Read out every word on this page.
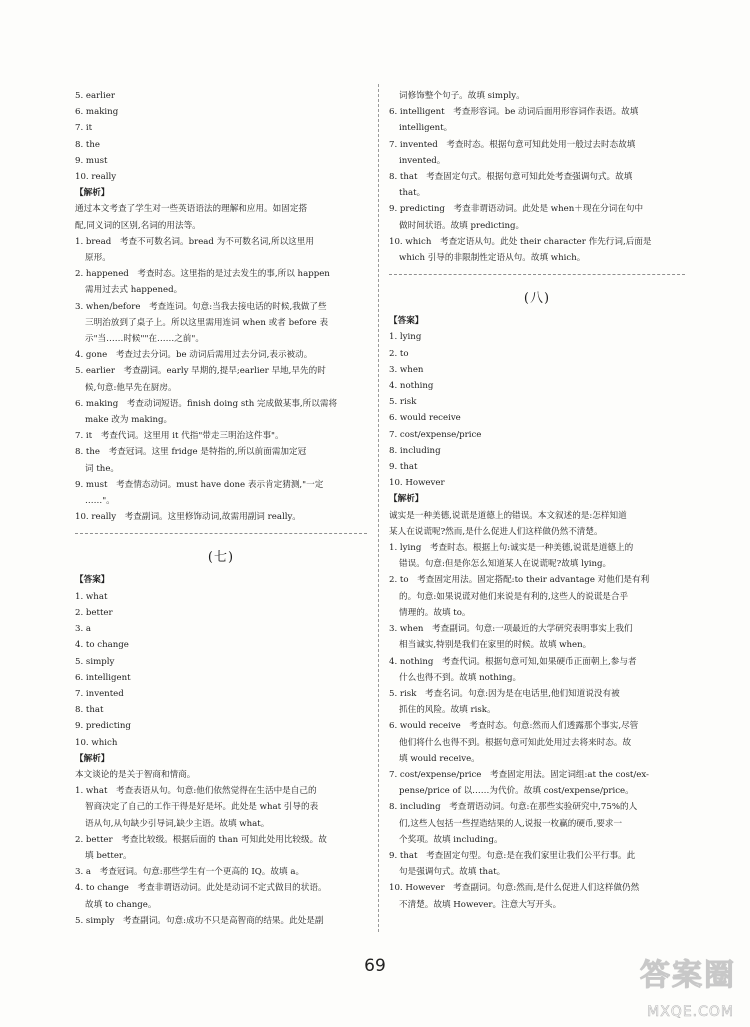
5. earlier
6. making
7. it
8. the
9. must
10. really
【解析】
通过本文考查了学生对一些英语语法的理解和应用。如固定搭
配,同义词的区别,名词的用法等。
1. bread　考查不可数名词。bread 为不可数名词,所以这里用
原形。
2. happened　考查时态。这里指的是过去发生的事,所以 happen
需用过去式 happened。
3. when/before　考查连词。句意:当我去接电话的时候,我做了些
三明治放到了桌子上。所以这里需用连词 when 或者 before 表
示"当……时候""在……之前"。
4. gone　考查过去分词。be 动词后需用过去分词,表示被动。
5. earlier　考查副词。early 早期的,提早;earlier 早地,早先的时
候,句意:他早先在厨房。
6. making　考查动词短语。finish doing sth 完成做某事,所以需将
make 改为 making。
7. it　考查代词。这里用 it 代指"带走三明治这件事"。
8. the　考查冠词。这里 fridge 是特指的,所以前面需加定冠
词 the。
9. must　考查情态动词。must have done 表示肯定猜测,"一定
……"。
10. really　考查副词。这里修饰动词,故需用副词 really。
(七)
【答案】
1. what
2. better
3. a
4. to change
5. simply
6. intelligent
7. invented
8. that
9. predicting
10. which
【解析】
本文谈论的是关于智商和情商。
1. what　考查表语从句。句意:他们依然觉得在生活中是自己的
智商决定了自己的工作干得是好是坏。此处是 what 引导的表
语从句,从句缺少引导词,缺少主语。故填 what。
2. better　考查比较级。根据后面的 than 可知此处用比较级。故
填 better。
3. a　考查冠词。句意:那些学生有一个更高的 IQ。故填 a。
4. to change　考查非谓语动词。此处是动词不定式做目的状语。
故填 to change。
5. simply　考查副词。句意:成功不只是高智商的结果。此处是副
词修饰整个句子。故填 simply。
6. intelligent　考查形容词。be 动词后面用形容词作表语。故填
intelligent。
7. invented　考查时态。根据句意可知此处用一般过去时态故填
invented。
8. that　考查固定句式。根据句意可知此处考查强调句式。故填
that。
9. predicting　考查非谓语动词。此处是 when＋现在分词在句中
做时间状语。故填 predicting。
10. which　考查定语从句。此处 their character 作先行词,后面是
which 引导的非限制性定语从句。故填 which。
(八)
【答案】
1. lying
2. to
3. when
4. nothing
5. risk
6. would receive
7. cost/expense/price
8. including
9. that
10. However
【解析】
诚实是一种美德,说谎是道德上的错误。本文叙述的是:怎样知道
某人在说谎呢?然而,是什么促进人们这样做仍然不清楚。
1. lying　考查时态。根据上句:诚实是一种美德,说谎是道德上的
错误。句意:但是你怎么知道某人在说谎呢?故填 lying。
2. to　考查固定用法。固定搭配:to their advantage 对他们是有利
的。句意:如果说谎对他们来说是有利的,这些人的说谎是合乎
情理的。故填 to。
3. when　考查副词。句意:一项最近的大学研究表明事实上我们
相当诚实,特别是我们在家里的时候。故填 when。
4. nothing　考查代词。根据句意可知,如果硬币正面朝上,参与者
什么也得不到。故填 nothing。
5. risk　考查名词。句意:因为是在电话里,他们知道说没有被
抓住的风险。故填 risk。
6. would receive　考查时态。句意:然而人们透露那个事实,尽管
他们将什么也得不到。根据句意可知此处用过去将来时态。故
填 would receive。
7. cost/expense/price　考查固定用法。固定词组:at the cost/ex-
pense/price of 以……为代价。故填 cost/expense/price。
8. including　考查谓语动词。句意:在那些实验研究中,75%的人
们,这些人包括一些捏造结果的人,说报一枚赢的硬币,要求一
个奖项。故填 including。
9. that　考查固定句型。句意:是在我们家里让我们公平行事。此
句是强调句式。故填 that。
10. However　考查副词。句意:然而,是什么促进人们这样做仍然
不清楚。故填 However。注意大写开头。
69	答案圈
MXQE.COM
